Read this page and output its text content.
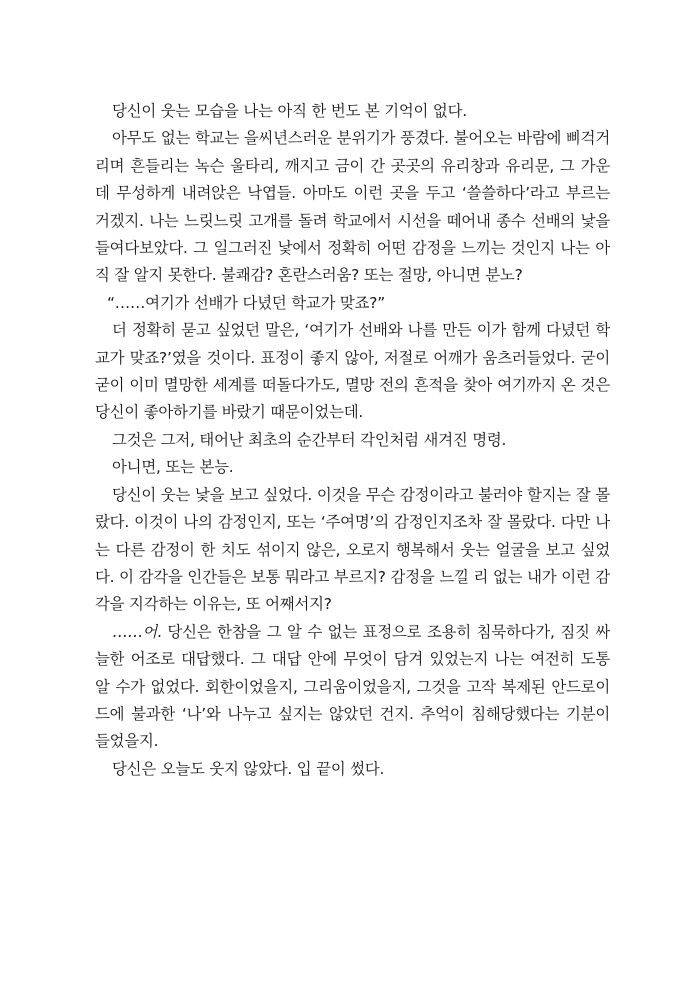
당신이 웃는 모습을 나는 아직 한 번도 본 기억이 없다.

아무도 없는 학교는 을씨년스러운 분위기가 풍겼다. 불어오는 바람에 삐걱거리며 흔들리는 녹슨 울타리, 깨지고 금이 간 곳곳의 유리창과 유리문, 그 가운데 무성하게 내려앉은 낙엽들. 아마도 이런 곳을 두고 ‘쓸쓸하다’라고 부르는 거겠지. 나는 느릿느릿 고개를 돌려 학교에서 시선을 떼어내 종수 선배의 낯을 들여다보았다. 그 일그러진 낯에서 정확히 어떤 감정을 느끼는 것인지 나는 아직 잘 알지 못한다. 불쾌감? 혼란스러움? 또는 절망, 아니면 분노?

“……여기가 선배가 다녔던 학교가 맞죠?”

더 정확히 묻고 싶었던 말은, ‘여기가 선배와 나를 만든 이가 함께 다녔던 학교가 맞죠?’였을 것이다. 표정이 좋지 않아, 저절로 어깨가 움츠러들었다. 굳이굳이 이미 멸망한 세계를 떠돌다가도, 멸망 전의 흔적을 찾아 여기까지 온 것은 당신이 좋아하기를 바랐기 때문이었는데.

그것은 그저, 태어난 최초의 순간부터 각인처럼 새겨진 명령.

아니면, 또는 본능.

당신이 웃는 낯을 보고 싶었다. 이것을 무슨 감정이라고 불러야 할지는 잘 몰랐다. 이것이 나의 감정인지, 또는 ‘주여명’의 감정인지조차 잘 몰랐다. 다만 나는 다른 감정이 한 치도 섞이지 않은, 오로지 행복해서 웃는 얼굴을 보고 싶었다. 이 감각을 인간들은 보통 뭐라고 부르지? 감정을 느낄 리 없는 내가 이런 감각을 지각하는 이유는, 또 어째서지?

……어. 당신은 한참을 그 알 수 없는 표정으로 조용히 침묵하다가, 짐짓 싸늘한 어조로 대답했다. 그 대답 안에 무엇이 담겨 있었는지 나는 여전히 도통 알 수가 없었다. 회한이었을지, 그리움이었을지, 그것을 고작 복제된 안드로이드에 불과한 ‘나’와 나누고 싶지는 않았던 건지. 추억이 침해당했다는 기분이 들었을지.

당신은 오늘도 웃지 않았다. 입 끝이 썼다.
